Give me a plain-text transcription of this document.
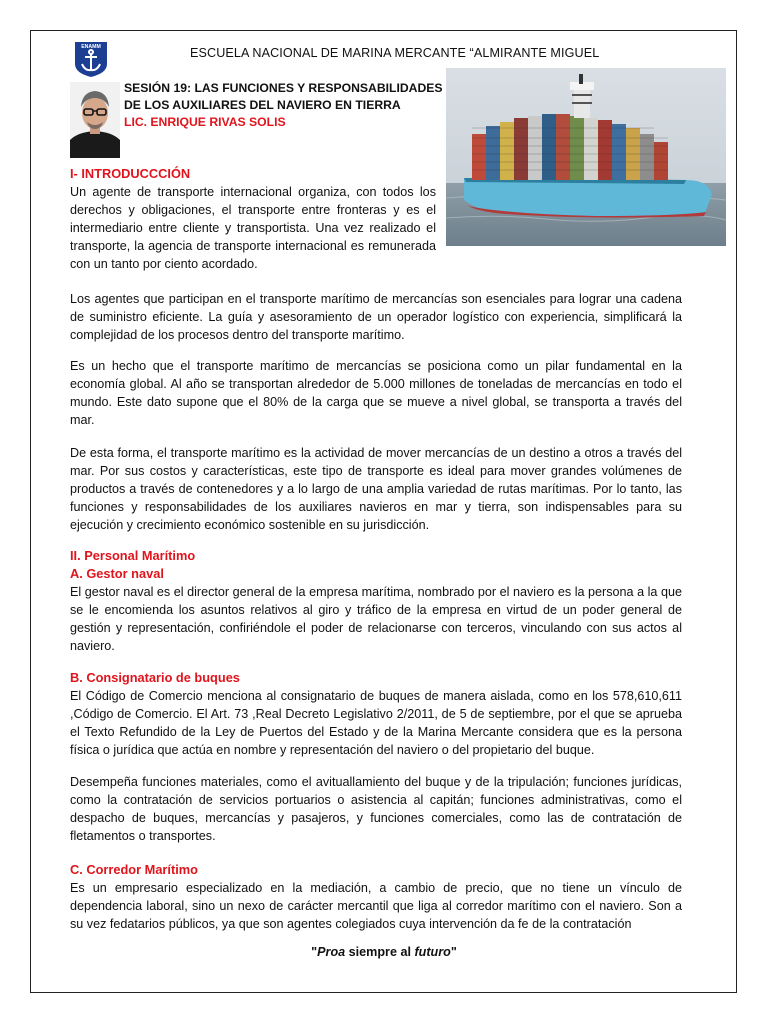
ENAMM	ESCUELA NACIONAL DE MARINA MERCANTE “ALMIRANTE MIGUEL
SESIÓN 19: LAS FUNCIONES Y RESPONSABILIDADES
DE LOS AUXILIARES DEL NAVIERO EN TIERRA
LIC. ENRIQUE RIVAS SOLIS
I- INTRODUCCCIÓN

Un agente de transporte internacional organiza, con todos los derechos y obligaciones, el transporte entre fronteras y es el intermediario entre cliente y transportista. Una vez realizado el transporte, la agencia de transporte internacional es remunerada con un tanto por ciento acordado.

Los agentes que participan en el transporte marítimo de mercancías son esenciales para lograr una cadena de suministro eficiente. La guía y asesoramiento de un operador logístico con experiencia, simplificará la complejidad de los procesos dentro del transporte marítimo.

Es un hecho que el transporte marítimo de mercancías se posiciona como un pilar fundamental en la economía global. Al año se transportan alrededor de 5.000 millones de toneladas de mercancías en todo el mundo. Este dato supone que el 80% de la carga que se mueve a nivel global, se transporta a través del mar.

De esta forma, el transporte marítimo es la actividad de mover mercancías de un destino a otros a través del mar. Por sus costos y características, este tipo de transporte es ideal para mover grandes volúmenes de productos a través de contenedores y a lo largo de una amplia variedad de rutas marítimas. Por lo tanto, las funciones y responsabilidades de los auxiliares navieros en mar y tierra, son indispensables para su ejecución y crecimiento económico sostenible en su jurisdicción.

II. Personal Marítimo
A. Gestor naval

El gestor naval es el director general de la empresa marítima, nombrado por el naviero es la persona a la que se le encomienda los asuntos relativos al giro y tráfico de la empresa en virtud de un poder general de gestión y representación, confiriéndole el poder de relacionarse con terceros, vinculando con sus actos al naviero.

B. Consignatario de buques

El Código de Comercio menciona al consignatario de buques de manera aislada, como en los 578,610,611 ,Código de Comercio. El Art. 73 ,Real Decreto Legislativo 2/2011, de 5 de septiembre, por el que se aprueba el Texto Refundido de la Ley de Puertos del Estado y de la Marina Mercante considera que es la persona física o jurídica que actúa en nombre y representación del naviero o del propietario del buque.

Desempeña funciones materiales, como el avituallamiento del buque y de la tripulación; funciones jurídicas, como la contratación de servicios portuarios o asistencia al capitán; funciones administrativas, como el despacho de buques, mercancías y pasajeros, y funciones comerciales, como las de contratación de fletamentos o transportes.

C. Corredor Marítimo

Es un empresario especializado en la mediación, a cambio de precio, que no tiene un vínculo de dependencia laboral, sino un nexo de carácter mercantil que liga al corredor marítimo con el naviero. Son a su vez fedatarios públicos, ya que son agentes colegiados cuya intervención da fe de la contratación

"Proa siempre al futuro"
